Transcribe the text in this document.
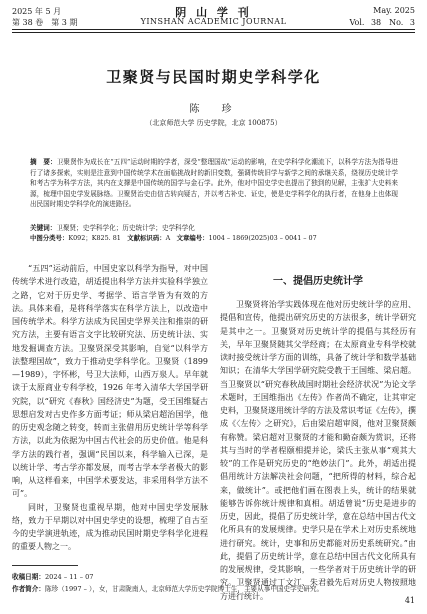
2025 年 5 月
第 38 卷　第 3 期
阴 山 学 刊
YINSHAN ACADEMIC JOURNAL
May. 2025
Vol. 38　No. 3
卫聚贤与民国时期史学科学化
陈　珍
（北京师范大学 历史学院，北京 100875）
摘　要：卫聚贤作为成长在“五四”运动时期的学者，深受“整理国故”运动的影响，在史学科学化潮流下，以科学方法为指导进行了诸多探索，实则是注意到中国传统学术在面临挑战时的新旧变数，强调传统旧学与新学之间的承继关系，绕视历史统计学和考古学为科学方法，其内在支撑是中国传统的国学与金石学。此外，他对中国史学史也提出了独到的见解，主张扩大史料来源，梳理中国史学发展脉络。卫聚贤治史由信古转向疑古，并以考古补史、证史，使是史学科学化的执行者，在他身上也体现出民国时期史学科学化的演进路径。
关键词：卫聚贤；史学科学化；历史统计学；史学科学化
中图分类号：K092；K825. 81　 文献标识码：A　 文章编号：1004 – 1869(2025)03 – 0041 – 07

“五四”运动前后，中国史家以科学为指导，对中国传统学术进行改造，胡适提出科学方法并实验科学独立之路，它对于历史学、考据学、语言学皆为有效的方法。具体来看，是将科学落实在科学方法上，以改造中国传统学术。科学方法成为民国史学界关注和推崇的研究方法，主要有语言文字比较研究法、历史统计法、实地发掘调查方法。卫聚贤深受其影响，自觉“以科学方法整理国故”，致力于推动史学科学化。卫聚贤（1899—1989），字怀彬，号卫大法师，山西万泉人。早年就读于太原商业专科学校，1926 年考入清华大学国学研究院，以“研究《春秋》国经济史”为题，受王国维疑古思想启发对古史作多方面考证；师从梁启超治国学，他的历史观念随之转变，转而主张借用历史统计学等科学方法，以此为依据为中国古代社会的历史价值。他是科学方法的践行者，强调“民国以来，科学输入已深，是以统计学、考古学亦都发展，而考古学本学者极大的影响，从这样看来，中国学术要发达，非采用科学方法不可”。

同时，卫聚贤也重视早期，他对中国史学发展脉络，致力于早期以对中国史学史的设想，梳理了自古至今的史学演进轨迹，成为推动民国时期史学科学化进程的重要人物之一。

一、提倡历史统计学

卫聚贤将治学实践体现在他对历史统计学的应用、提倡和宣传，他提出研究历史的方法很多，统计学研究是其中之一。卫聚贤对历史统计学的提倡与其经历有关，早年卫聚贤随其父学经商；在太原商业专科学校就读时接受统计学方面的训练，具备了统计学和数学基础知识；在清华大学国学研究院受教于王国维、梁启超。当卫聚贤以“研究春秋战国时期社会经济状况”为论文学术题时，王国维指出《左传》作者尚不确定，让其审定史料，卫聚贤遂用统计学的方法及常识考证《左传》，撰成《〈左传〉之研究》，后由梁启超审阅，他对卫聚贤颇有称赞。梁启超对卫聚贤的才能和勤奋颇为赏识，还将其与当时的学者程颐相提并论，梁氏主张从事“观其大较”的工作是研究历史的“绝妙法门”。此外，胡适出提倡用统计方法解决社会问题，“把所得的材料，综合起来，做统计”。或把他们画在图表上头，统计的结果就能够告诉你统计规律和真相。胡适曾说“历史是进步的历史，因此，提倡了历史统计学，意在总结中国古代文化所具有的发展规律。史学只是在学术上对历史系统地进行研究。统计，史事和历史都能对历史系统研究。”由此，提倡了历史统计学，意在总结中国古代文化所具有的发展规律，受其影响，一些学者对于历史统计学的研究。卫聚贤通过丁文江、朱君毅先后对历史人物按照地方进行统计。

收稿日期：2024 – 11 – 07
作者简介：陈珍（1997 – ），女，甘肃陇南人，北京师范大学历史学院博士生，主要从事中国史学史研究。
41
